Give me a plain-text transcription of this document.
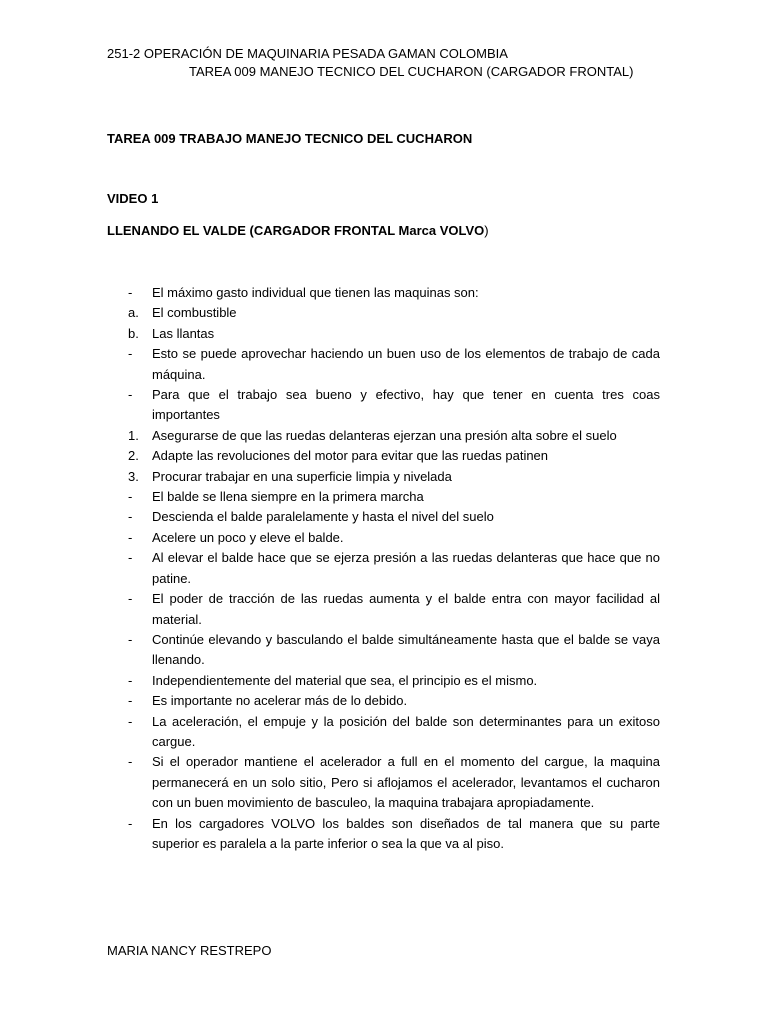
251-2 OPERACIÓN DE MAQUINARIA PESADA GAMAN COLOMBIA
TAREA 009 MANEJO TECNICO DEL CUCHARON (CARGADOR FRONTAL)
TAREA 009 TRABAJO MANEJO TECNICO DEL CUCHARON
VIDEO 1
LLENANDO EL VALDE (CARGADOR FRONTAL Marca VOLVO)
- El máximo gasto individual que tienen las maquinas son:
a. El combustible
b. Las llantas
- Esto se puede aprovechar haciendo un buen uso de los elementos de trabajo de cada máquina.
- Para que el trabajo sea bueno y efectivo, hay que tener en cuenta tres coas importantes
1. Asegurarse de que las ruedas delanteras ejerzan una presión alta sobre el suelo
2. Adapte las revoluciones del motor para evitar que las ruedas patinen
3. Procurar trabajar en una superficie limpia y nivelada
- El balde se llena siempre en la primera marcha
- Descienda el balde paralelamente y hasta el nivel del suelo
- Acelere un poco y eleve el balde.
- Al elevar el balde hace que se ejerza presión a las ruedas delanteras que hace que no patine.
- El poder de tracción de las ruedas aumenta y el balde entra con mayor facilidad al material.
- Continúe elevando y basculando el balde simultáneamente hasta que el balde se vaya llenando.
- Independientemente del material que sea, el principio es el mismo.
- Es importante no acelerar más de lo debido.
- La aceleración, el empuje y la posición del balde son determinantes para un exitoso cargue.
- Si el operador mantiene el acelerador a full en el momento del cargue, la maquina permanecerá en un solo sitio, Pero si aflojamos el acelerador, levantamos el cucharon con un buen movimiento de basculeo, la maquina trabajara apropiadamente.
- En los cargadores VOLVO los baldes son diseñados de tal manera que su parte superior es paralela a la parte inferior o sea la que va al piso.
MARIA NANCY RESTREPO
